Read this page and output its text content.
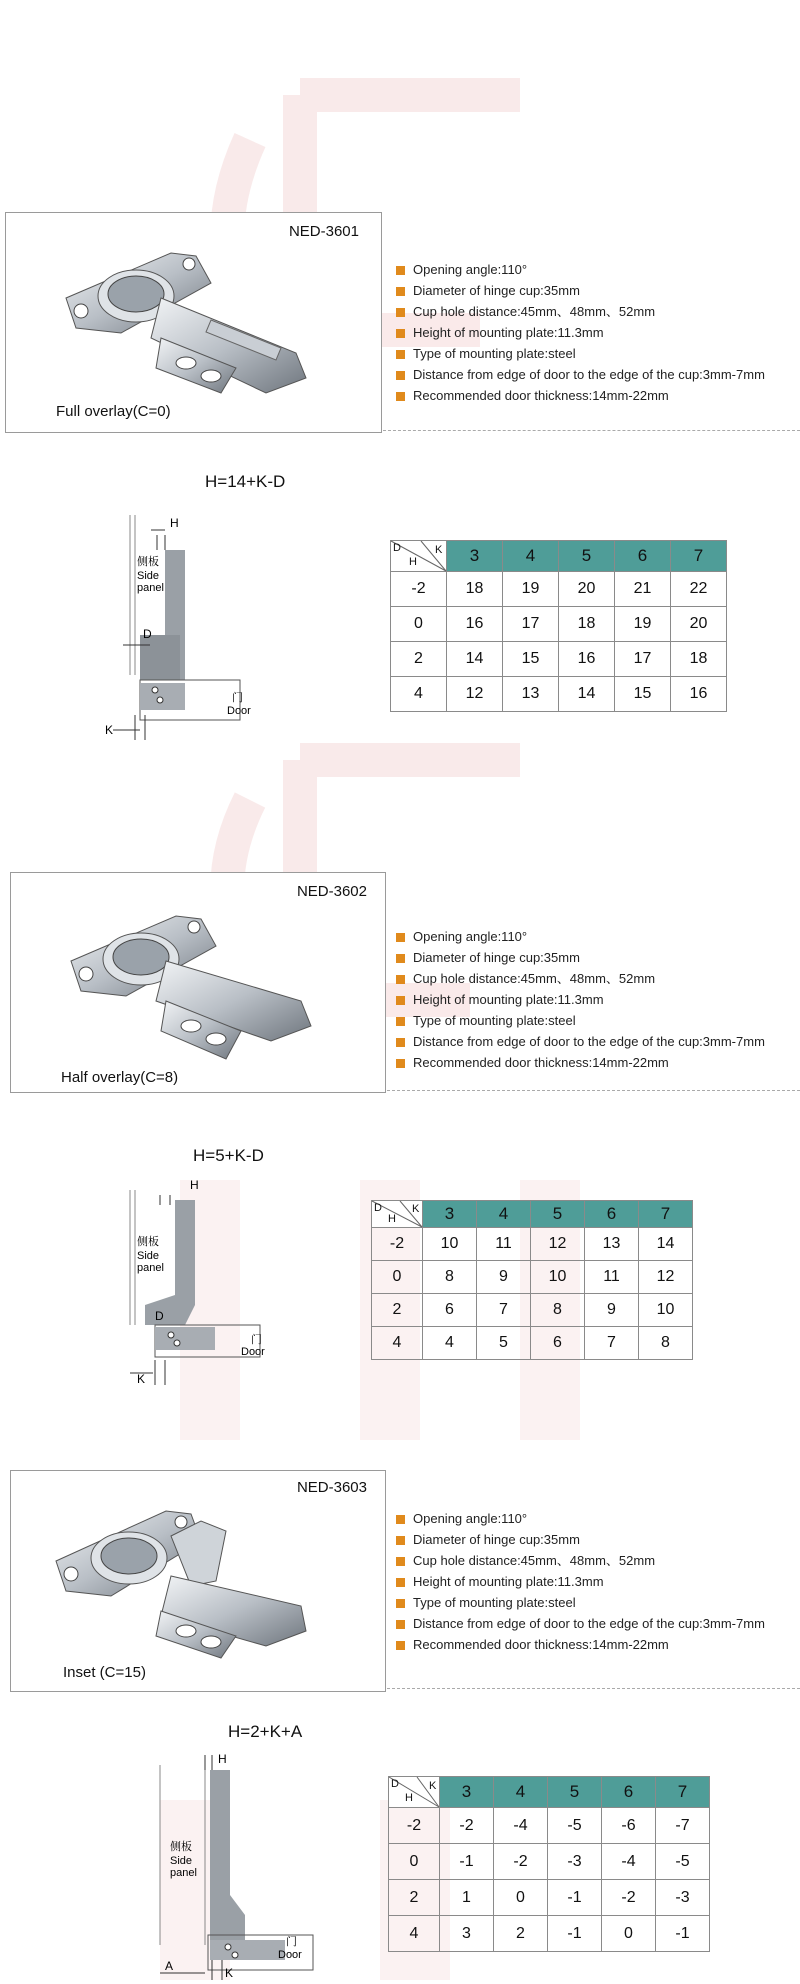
NED-3601
Full overlay(C=0)
Opening angle:110°
Diameter of hinge cup:35mm
Cup hole distance:45mm、48mm、52mm
Height of mounting plate:11.3mm
Type of mounting plate:steel
Distance from edge of door to the edge of the cup:3mm-7mm
Recommended door thickness:14mm-22mm
H=14+K-D
H
D
K
侧板
Side
panel
门
Door
D
H
K	3	4	5	6	7
-2	18	19	20	21	22
0	16	17	18	19	20
2	14	15	16	17	18
4	12	13	14	15	16
NED-3602
Half overlay(C=8)
Opening angle:110°
Diameter of hinge cup:35mm
Cup hole distance:45mm、48mm、52mm
Height of mounting plate:11.3mm
Type of mounting plate:steel
Distance from edge of door to the edge of the cup:3mm-7mm
Recommended door thickness:14mm-22mm
H=5+K-D
H
D
K
侧板
Side
panel
门
Door
D
H
K	3	4	5	6	7
-2	10	11	12	13	14
0	8	9	10	11	12
2	6	7	8	9	10
4	4	5	6	7	8
NED-3603
Inset (C=15)
Opening angle:110°
Diameter of hinge cup:35mm
Cup hole distance:45mm、48mm、52mm
Height of mounting plate:11.3mm
Type of mounting plate:steel
Distance from edge of door to the edge of the cup:3mm-7mm
Recommended door thickness:14mm-22mm
H=2+K+A
H
A	K
侧板
Side
panel
门
Door
D
H
K	3	4	5	6	7
-2	-2	-4	-5	-6	-7
0	-1	-2	-3	-4	-5
2	1	0	-1	-2	-3
4	3	2	-1	0	-1
